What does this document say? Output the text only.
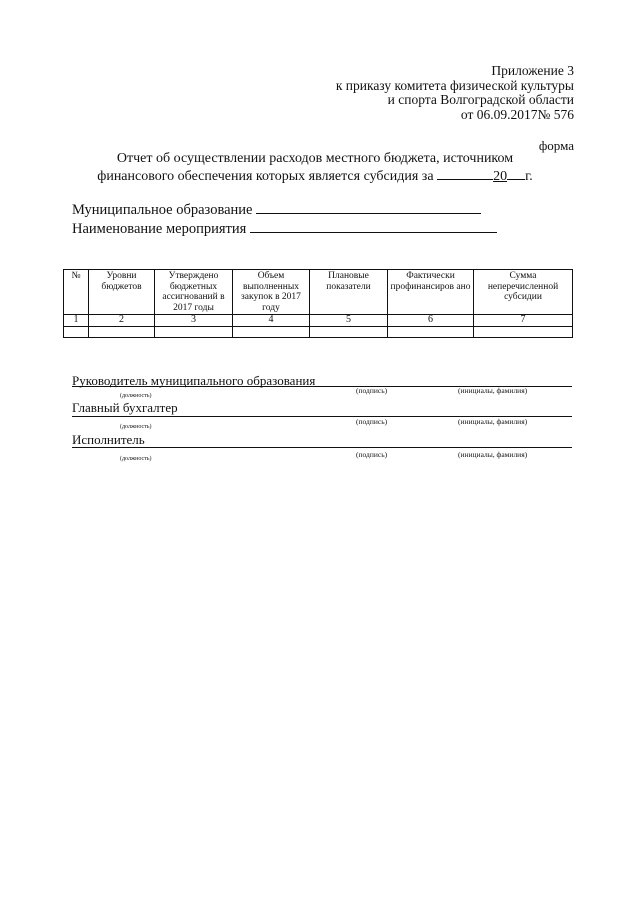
Приложение 3
к приказу комитета физической культуры
и спорта Волгоградской области
от 06.09.2017№ 576
форма
Отчет об осуществлении расходов местного бюджета, источником
финансового обеспечения которых является субсидия за	20 г.
Муниципальное образование
Наименование мероприятия
№	Уровни бюджетов	Утверждено бюджетных ассигнований в 2017 годы	Объем выполненных закупок в 2017 году	Плановые показатели	Фактически профинансиров ано	Сумма неперечисленной субсидии
1	2	3	4	5	6	7

Руководитель муниципального образования
(подпись)	(инициалы, фамилия)
(должность)
Главный бухгалтер
(подпись)	(инициалы, фамилия)
(должность)
Исполнитель
(подпись)	(инициалы, фамилия)
(должность)
